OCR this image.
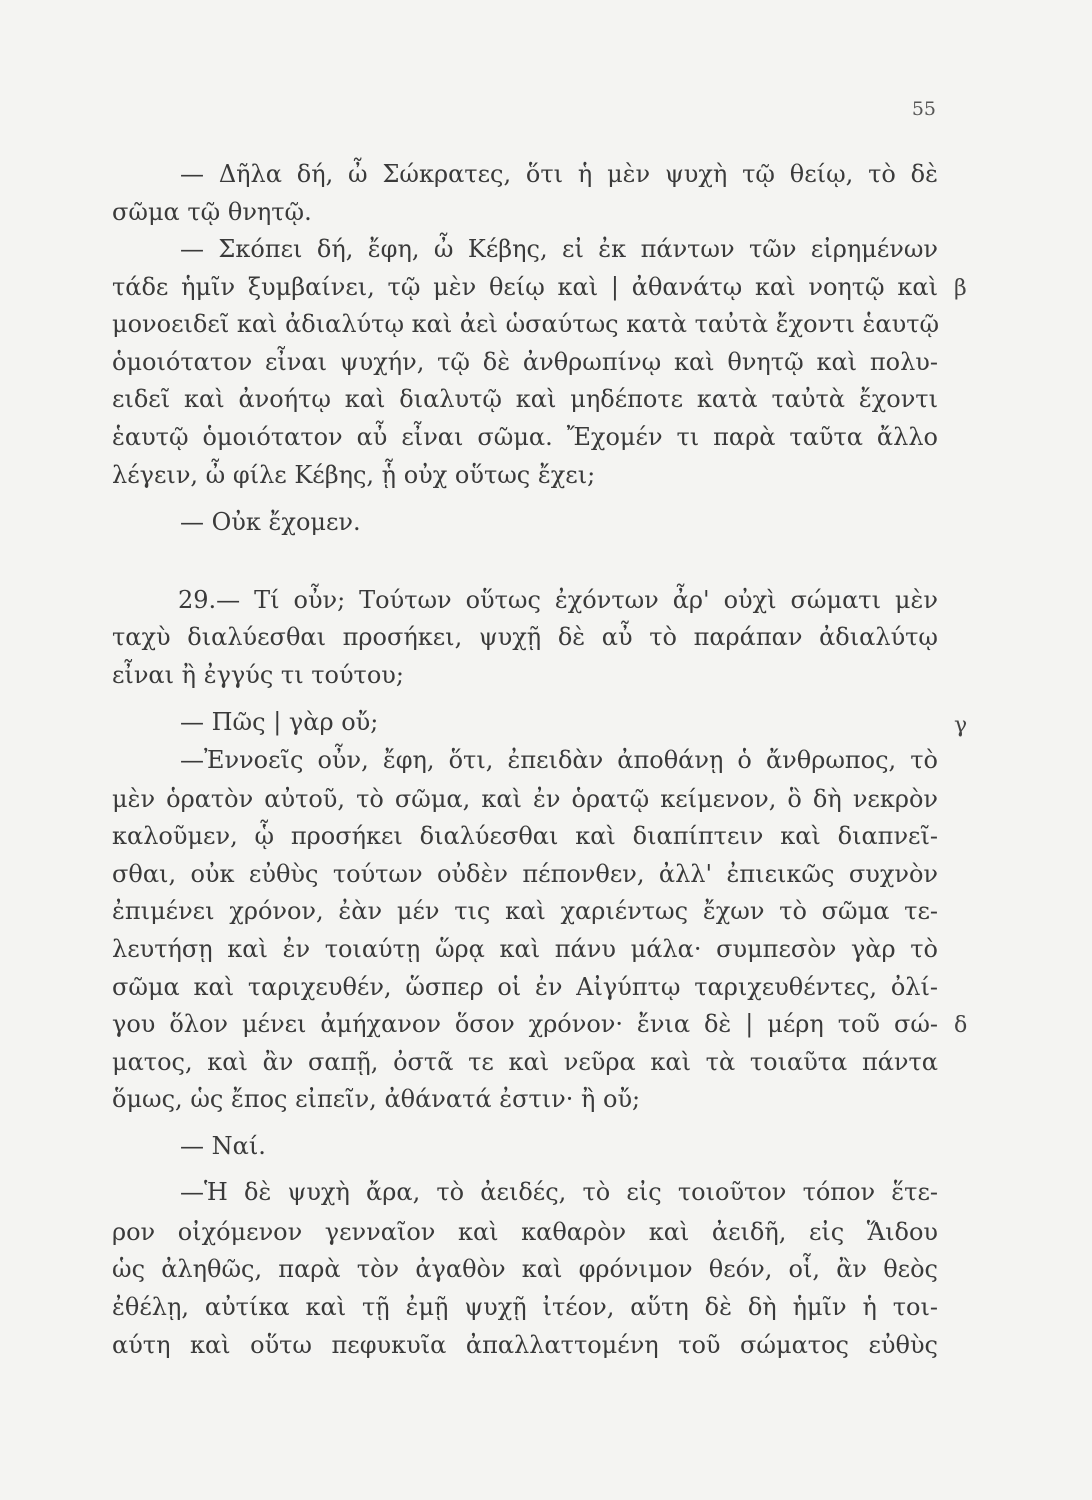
55
— Δῆλα δή, ὦ Σώκρατες, ὅτι ἡ μὲν ψυχὴ τῷ θείῳ, τὸ δὲ
σῶμα τῷ θνητῷ.
— Σκόπει δή, ἔφη, ὦ Κέβης, εἰ ἐκ πάντων τῶν εἰρημένων
τάδε ἡμῖν ξυμβαίνει, τῷ μὲν θείῳ καὶ | ἀθανάτῳ καὶ νοητῷ καὶ
μονοειδεῖ καὶ ἀδιαλύτῳ καὶ ἀεὶ ὡσαύτως κατὰ ταὐτὰ ἔχοντι ἑαυτῷ
ὁμοιότατον εἶναι ψυχήν, τῷ δὲ ἀνθρωπίνῳ καὶ θνητῷ καὶ πολυ-
ειδεῖ καὶ ἀνοήτῳ καὶ διαλυτῷ καὶ μηδέποτε κατὰ ταὐτὰ ἔχοντι
ἑαυτῷ ὁμοιότατον αὖ εἶναι σῶμα. Ἔχομέν τι παρὰ ταῦτα ἄλλο
λέγειν, ὦ φίλε Κέβης, ᾗ οὐχ οὕτως ἔχει;
— Οὐκ ἔχομεν.
29.— Τί οὖν; Τούτων οὕτως ἐχόντων ἆρ' οὐχὶ σώματι μὲν
ταχὺ διαλύεσθαι προσήκει, ψυχῇ δὲ αὖ τὸ παράπαν ἀδιαλύτῳ
εἶναι ἢ ἐγγύς τι τούτου;
— Πῶς | γὰρ οὔ;
—Ἐννοεῖς οὖν, ἔφη, ὅτι, ἐπειδὰν ἀποθάνῃ ὁ ἄνθρωπος, τὸ
μὲν ὁρατὸν αὐτοῦ, τὸ σῶμα, καὶ ἐν ὁρατῷ κείμενον, ὃ δὴ νεκρὸν
καλοῦμεν, ᾧ προσήκει διαλύεσθαι καὶ διαπίπτειν καὶ διαπνεῖ-
σθαι, οὐκ εὐθὺς τούτων οὐδὲν πέπονθεν, ἀλλ' ἐπιεικῶς συχνὸν
ἐπιμένει χρόνον, ἐὰν μέν τις καὶ χαριέντως ἔχων τὸ σῶμα τε-
λευτήσῃ καὶ ἐν τοιαύτῃ ὥρᾳ καὶ πάνυ μάλα· συμπεσὸν γὰρ τὸ
σῶμα καὶ ταριχευθέν, ὥσπερ οἱ ἐν Αἰγύπτῳ ταριχευθέντες, ὀλί-
γου ὅλον μένει ἀμήχανον ὅσον χρόνον· ἔνια δὲ | μέρη τοῦ σώ-
ματος, καὶ ἂν σαπῇ, ὀστᾶ τε καὶ νεῦρα καὶ τὰ τοιαῦτα πάντα
ὅμως, ὡς ἔπος εἰπεῖν, ἀθάνατά ἐστιν· ἢ οὔ;
— Ναί.
—Ἡ δὲ ψυχὴ ἄρα, τὸ ἀειδές, τὸ εἰς τοιοῦτον τόπον ἕτε-
ρον οἰχόμενον γενναῖον καὶ καθαρὸν καὶ ἀειδῆ, εἰς Ἅιδου
ὡς ἀληθῶς, παρὰ τὸν ἀγαθὸν καὶ φρόνιμον θεόν, οἷ, ἂν θεὸς
ἐθέλῃ, αὐτίκα καὶ τῇ ἐμῇ ψυχῇ ἰτέον, αὕτη δὲ δὴ ἡμῖν ἡ τοι-
αύτη καὶ οὕτω πεφυκυῖα ἀπαλλαττομένη τοῦ σώματος εὐθὺς
β
γ
δ
